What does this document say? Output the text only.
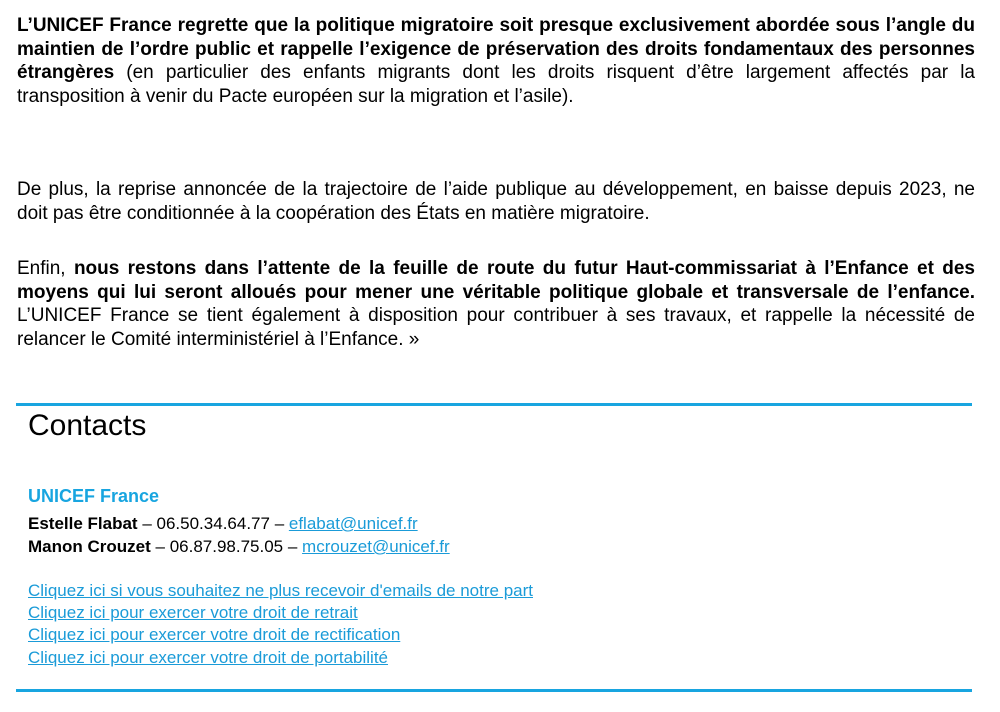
L’UNICEF France regrette que la politique migratoire soit presque exclusivement abordée sous l’angle du maintien de l’ordre public et rappelle l’exigence de préservation des droits fondamentaux des personnes étrangères (en particulier des enfants migrants dont les droits risquent d’être largement affectés par la transposition à venir du Pacte européen sur la migration et l’asile).

De plus, la reprise annoncée de la trajectoire de l’aide publique au développement, en baisse depuis 2023, ne doit pas être conditionnée à la coopération des États en matière migratoire.

Enfin, nous restons dans l’attente de la feuille de route du futur Haut-commissariat à l’Enfance et des moyens qui lui seront alloués pour mener une véritable politique globale et transversale de l’enfance. L’UNICEF France se tient également à disposition pour contribuer à ses travaux, et rappelle la nécessité de relancer le Comité interministériel à l’Enfance. »

Contacts

UNICEF France

Estelle Flabat – 06.50.34.64.77 – eflabat@unicef.fr

Manon Crouzet – 06.87.98.75.05 – mcrouzet@unicef.fr

Cliquez ici si vous souhaitez ne plus recevoir d'emails de notre part

Cliquez ici pour exercer votre droit de retrait

Cliquez ici pour exercer votre droit de rectification

Cliquez ici pour exercer votre droit de portabilité
